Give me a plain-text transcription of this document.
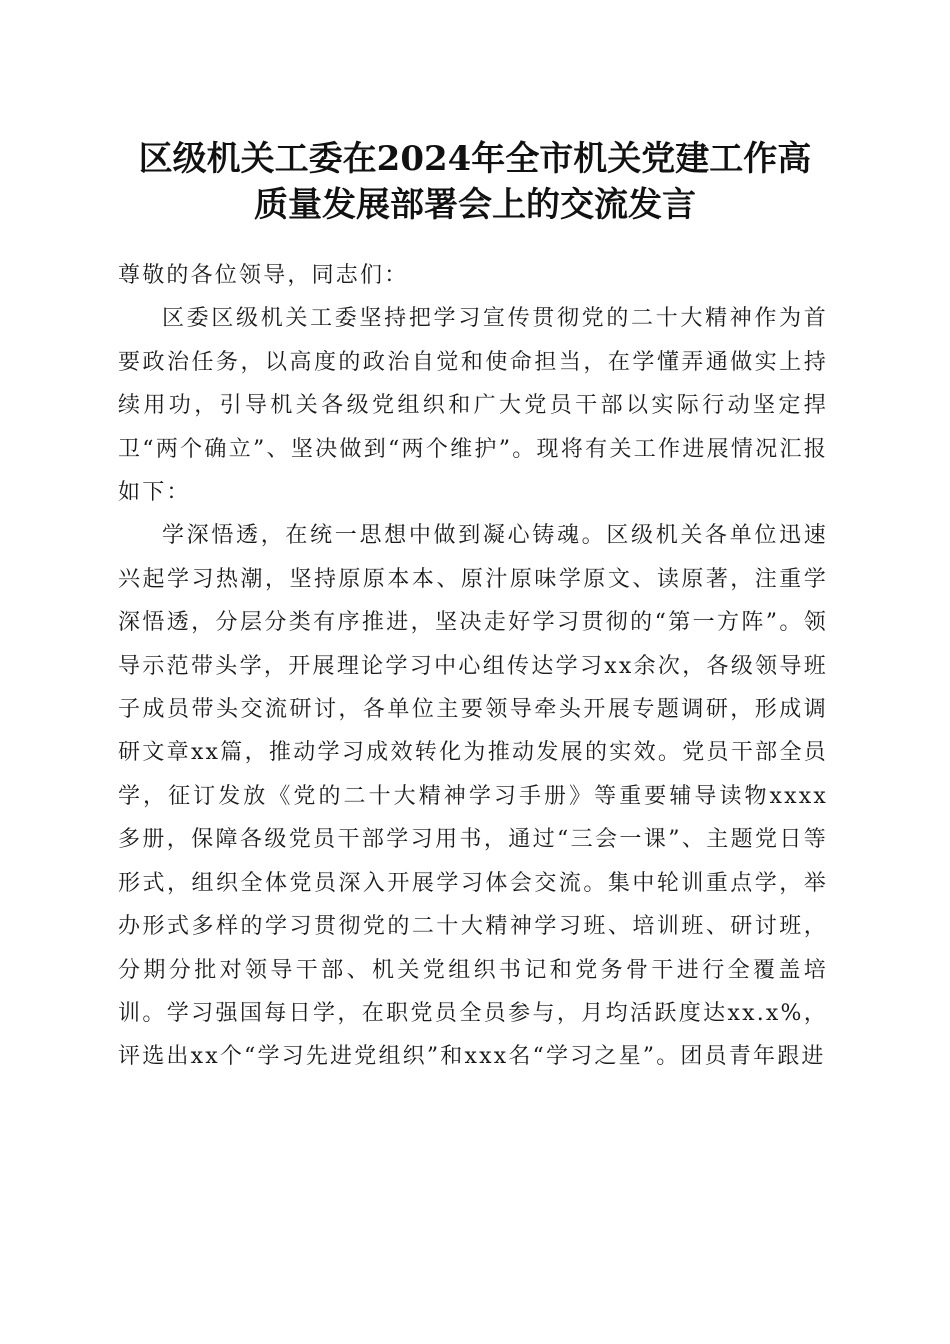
区级机关工委在2024年全市机关党建工作高
质量发展部署会上的交流发言

尊敬的各位领导，同志们：

区委区级机关工委坚持把学习宣传贯彻党的二十大精神作为首要政治任务，以高度的政治自觉和使命担当，在学懂弄通做实上持续用功，引导机关各级党组织和广大党员干部以实际行动坚定捍卫“两个确立”、坚决做到“两个维护”。现将有关工作进展情况汇报如下：

学深悟透，在统一思想中做到凝心铸魂。区级机关各单位迅速兴起学习热潮，坚持原原本本、原汁原味学原文、读原著，注重学深悟透，分层分类有序推进，坚决走好学习贯彻的“第一方阵”。领导示范带头学，开展理论学习中心组传达学习xx余次，各级领导班子成员带头交流研讨，各单位主要领导牵头开展专题调研，形成调研文章xx篇，推动学习成效转化为推动发展的实效。党员干部全员学，征订发放《党的二十大精神学习手册》等重要辅导读物xxxx多册，保障各级党员干部学习用书，通过“三会一课”、主题党日等形式，组织全体党员深入开展学习体会交流。集中轮训重点学，举办形式多样的学习贯彻党的二十大精神学习班、培训班、研讨班，分期分批对领导干部、机关党组织书记和党务骨干进行全覆盖培训。学习强国每日学，在职党员全员参与，月均活跃度达xx.x%，评选出xx个“学习先进党组织”和xxx名“学习之星”。团员青年跟进
